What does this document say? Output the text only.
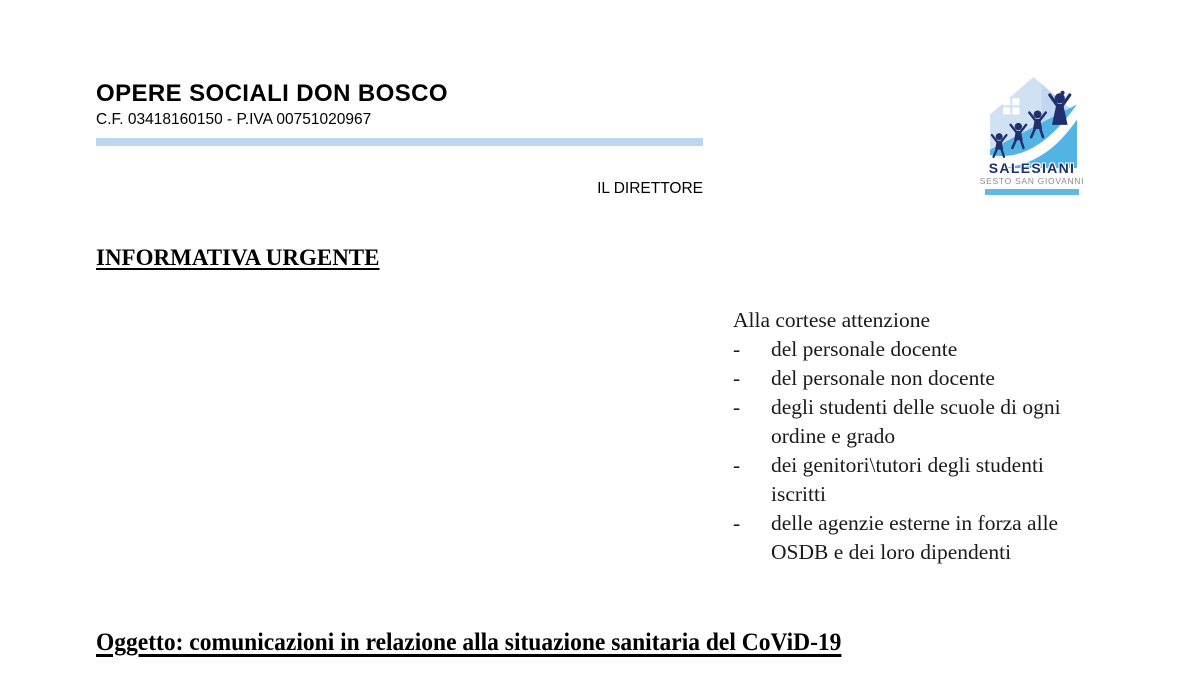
OPERE SOCIALI DON BOSCO
C.F. 03418160150 - P.IVA 00751020967
IL DIRETTORE
SALESIANI
SESTO SAN GIOVANNI
INFORMATIVA URGENTE
Alla cortese attenzione
-	del personale docente
-	del personale non docente
-	degli studenti delle scuole di ogni ordine e grado
-	dei genitori\tutori degli studenti iscritti
-	delle agenzie esterne in forza alle OSDB e dei loro dipendenti
Oggetto: comunicazioni in relazione alla situazione sanitaria del CoViD-19
